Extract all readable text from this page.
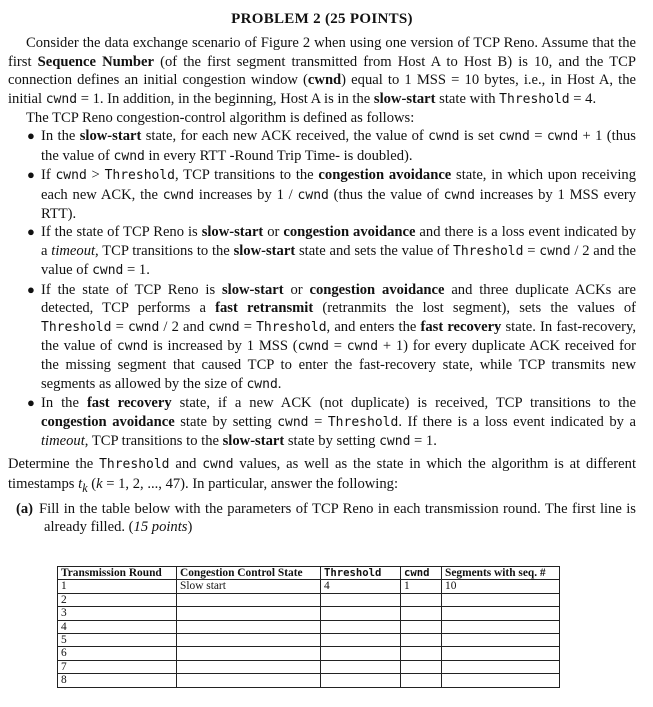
PROBLEM 2 (25 POINTS)

Consider the data exchange scenario of Figure 2 when using one version of TCP Reno. Assume that the first Sequence Number (of the first segment transmitted from Host A to Host B) is 10, and the TCP connection defines an initial congestion window (cwnd) equal to 1 MSS = 10 bytes, i.e., in Host A, the initial cwnd = 1. In addition, in the beginning, Host A is in the slow-start state with Threshold = 4.

The TCP Reno congestion-control algorithm is defined as follows:

● In the slow-start state, for each new ACK received, the value of cwnd is set cwnd = cwnd + 1 (thus the value of cwnd in every RTT -Round Trip Time- is doubled).
● If cwnd > Threshold, TCP transitions to the congestion avoidance state, in which upon receiving each new ACK, the cwnd increases by 1 / cwnd (thus the value of cwnd increases by 1 MSS every RTT).
● If the state of TCP Reno is slow-start or congestion avoidance and there is a loss event indicated by a timeout, TCP transitions to the slow-start state and sets the value of Threshold = cwnd / 2 and the value of cwnd = 1.
● If the state of TCP Reno is slow-start or congestion avoidance and three duplicate ACKs are detected, TCP performs a fast retransmit (retranmits the lost segment), sets the values of Threshold = cwnd / 2 and cwnd = Threshold, and enters the fast recovery state. In fast-recovery, the value of cwnd is increased by 1 MSS (cwnd = cwnd + 1) for every duplicate ACK received for the missing segment that caused TCP to enter the fast-recovery state, while TCP transmits new segments as allowed by the size of cwnd.
● In the fast recovery state, if a new ACK (not duplicate) is received, TCP transitions to the congestion avoidance state by setting cwnd = Threshold. If there is a loss event indicated by a timeout, TCP transitions to the slow-start state by setting cwnd = 1.

Determine the Threshold and cwnd values, as well as the state in which the algorithm is at different timestamps $t_k$ (k = 1, 2, ..., 47). In particular, answer the following:

(a) Fill in the table below with the parameters of TCP Reno in each transmission round. The first line is already filled. (15 points)
Transmission Round	Congestion Control State	Threshold	cwnd	Segments with seq. #
1	Slow start	4	1	10
2				
3				
4				
5				
6				
7				
8				
